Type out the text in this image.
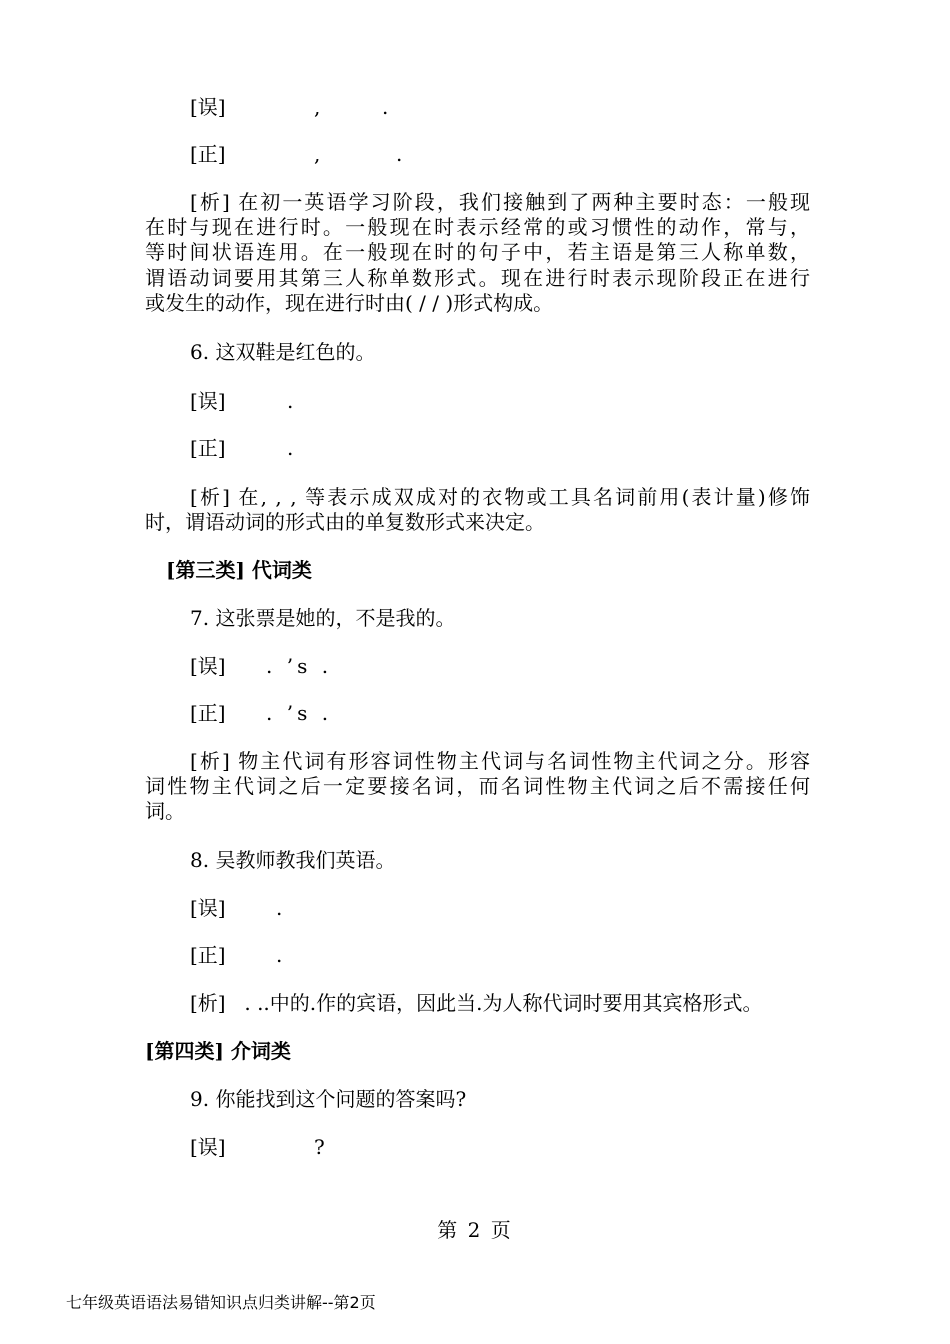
[误]	,	.
[正]	,	.
[析] 在初一英语学习阶段，我们接触到了两种主要时态：一般现
在时与现在进行时。一般现在时表示经常的或习惯性的动作，常与，
等时间状语连用。在一般现在时的句子中，若主语是第三人称单数，
谓语动词要用其第三人称单数形式。现在进行时表示现阶段正在进行
或发生的动作，现在进行时由( / / )形式构成。
6. 这双鞋是红色的。
[误]	.
[正]	.
[析] 在, , , 等表示成双成对的衣物或工具名词前用(表计量)修饰
时，谓语动词的形式由的单复数形式来决定。
[第三类] 代词类
7. 这张票是她的，不是我的。
[误] . ’s .
[正] . ’s .
[析] 物主代词有形容词性物主代词与名词性物主代词之分。形容
词性物主代词之后一定要接名词，而名词性物主代词之后不需接任何
词。
8. 吴教师教我们英语。
[误]	.
[正]	.
[析] . ..中的.作的宾语，因此当.为人称代词时要用其宾格形式。
[第四类] 介词类
9. 你能找到这个问题的答案吗?
[误]	?
第 2 页
七年级英语语法易错知识点归类讲解--第2页
